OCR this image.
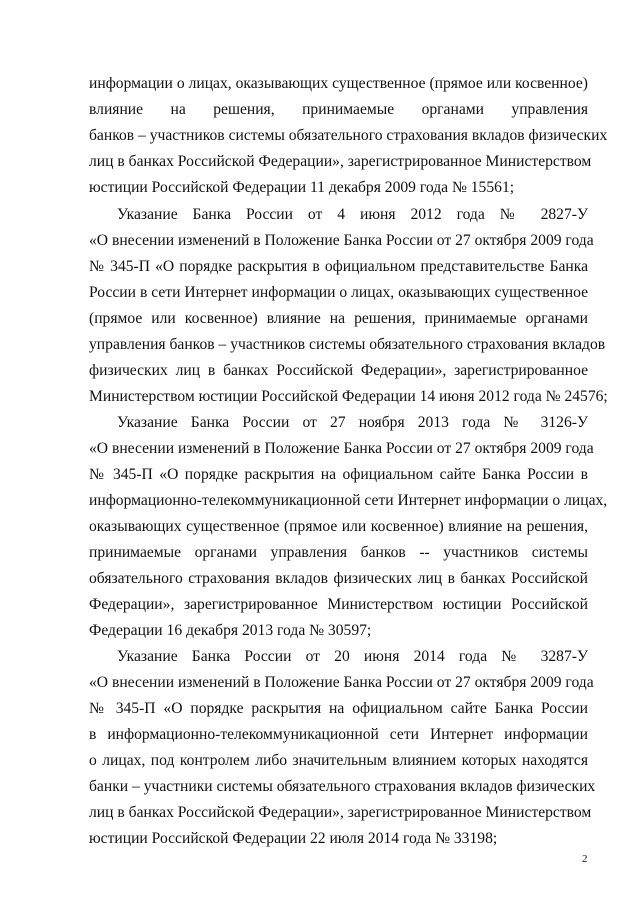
информации о лицах, оказывающих существенное (прямое или косвенное)
влияние на решения, принимаемые органами управления
банков – участников системы обязательного страхования вкладов физических
лиц в банках Российской Федерации», зарегистрированное Министерством
юстиции Российской Федерации 11 декабря 2009 года № 15561;
Указание Банка России от 4 июня 2012 года № 2827-У
«О внесении изменений в Положение Банка России от 27 октября 2009 года
№ 345-П «О порядке раскрытия в официальном представительстве Банка
России в сети Интернет информации о лицах, оказывающих существенное
(прямое или косвенное) влияние на решения, принимаемые органами
управления банков – участников системы обязательного страхования вкладов
физических лиц в банках Российской Федерации», зарегистрированное
Министерством юстиции Российской Федерации 14 июня 2012 года № 24576;
Указание Банка России от 27 ноября 2013 года № 3126-У
«О внесении изменений в Положение Банка России от 27 октября 2009 года
№ 345-П «О порядке раскрытия на официальном сайте Банка России в
информационно-телекоммуникационной сети Интернет информации о лицах,
оказывающих существенное (прямое или косвенное) влияние на решения,
принимаемые органами управления банков -- участников системы
обязательного страхования вкладов физических лиц в банках Российской
Федерации», зарегистрированное Министерством юстиции Российской
Федерации 16 декабря 2013 года № 30597;
Указание Банка России от 20 июня 2014 года № 3287-У
«О внесении изменений в Положение Банка России от 27 октября 2009 года
№ 345-П «О порядке раскрытия на официальном сайте Банка России
в информационно-телекоммуникационной сети Интернет информации
о лицах, под контролем либо значительным влиянием которых находятся
банки – участники системы обязательного страхования вкладов физических
лиц в банках Российской Федерации», зарегистрированное Министерством
юстиции Российской Федерации 22 июля 2014 года № 33198;
2
